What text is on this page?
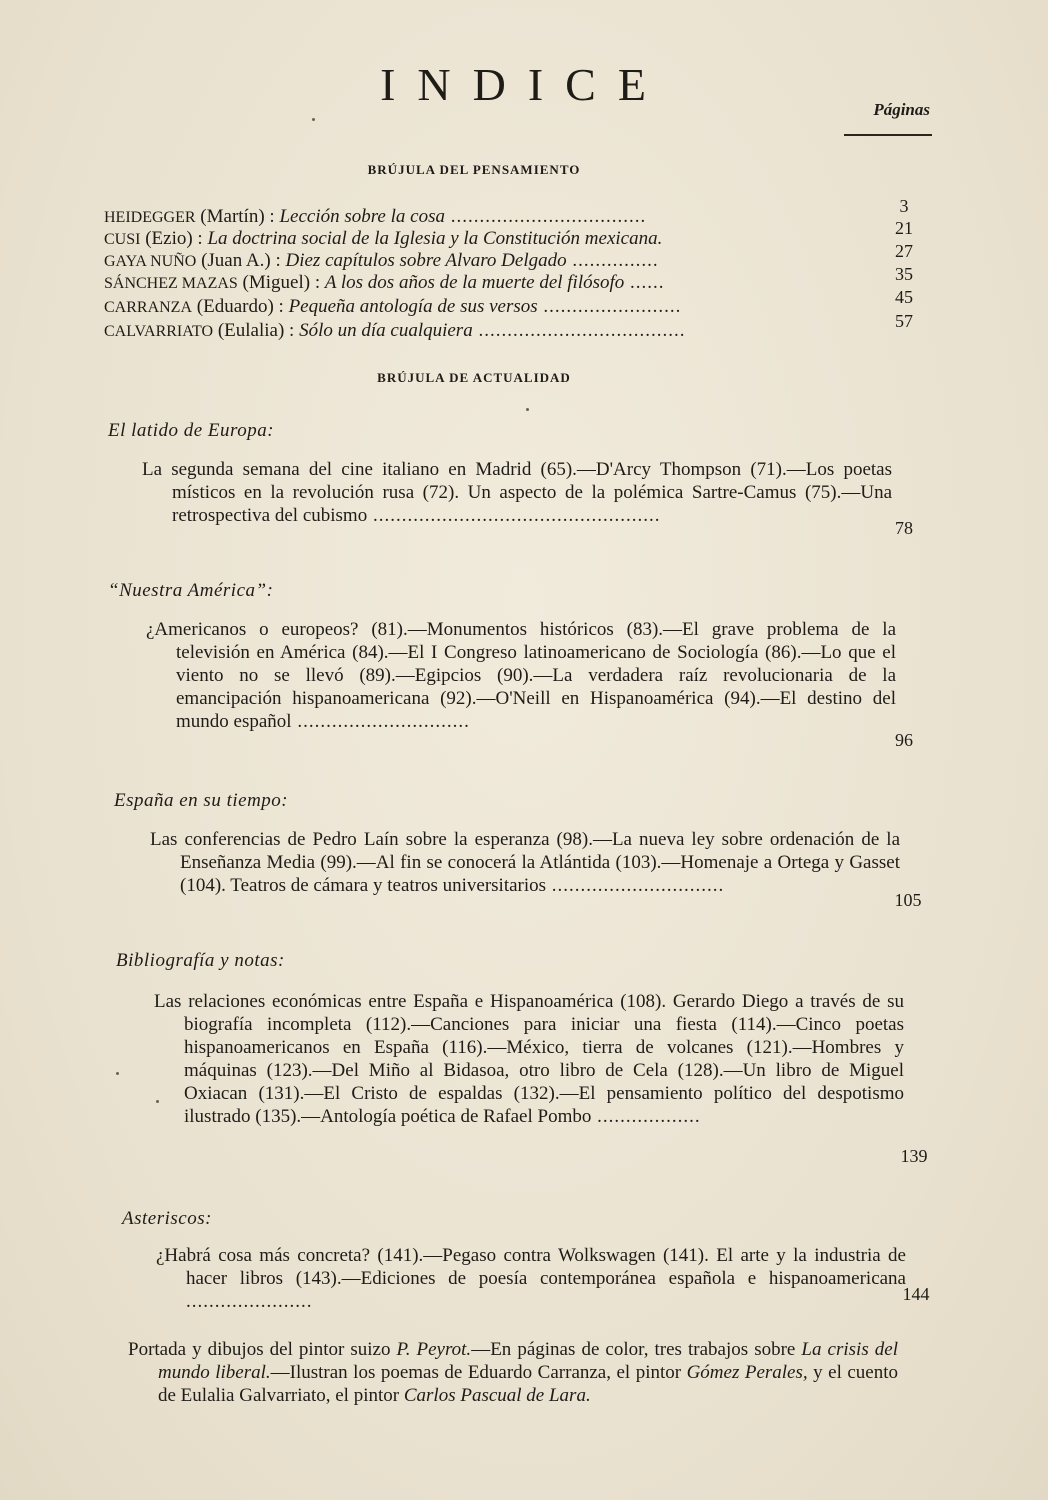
INDICE	Páginas
BRÚJULA DEL PENSAMIENTO
HEIDEGGER (Martín) : Lección sobre la cosa ..................................	3
CUSI (Ezio) : La doctrina social de la Iglesia y la Constitución mexicana.	21
GAYA NUÑO (Juan A.) : Diez capítulos sobre Alvaro Delgado ...............	27
SÁNCHEZ MAZAS (Miguel) : A los dos años de la muerte del filósofo ......	35
CARRANZA (Eduardo) : Pequeña antología de sus versos ........................	45
CALVARRIATO (Eulalia) : Sólo un día cualquiera ....................................	57
BRÚJULA DE ACTUALIDAD
El latido de Europa:

La segunda semana del cine italiano en Madrid (65).—D'Arcy Thompson (71).—Los poetas místicos en la revolución rusa (72). Un aspecto de la polémica Sartre-Camus (75).—Una retrospectiva del cubismo ..................................................

78
“Nuestra América”:

¿Americanos o europeos? (81).—Monumentos históricos (83).—El grave problema de la televisión en América (84).—El I Congreso latinoamericano de Sociología (86).—Lo que el viento no se llevó (89).—Egipcios (90).—La verdadera raíz revolucionaria de la emancipación hispanoamericana (92).—O'Neill en Hispanoamérica (94).—El destino del mundo español ..............................

96
España en su tiempo:

Las conferencias de Pedro Laín sobre la esperanza (98).—La nueva ley sobre ordenación de la Enseñanza Media (99).—Al fin se conocerá la Atlántida (103).—Homenaje a Ortega y Gasset (104). Teatros de cámara y teatros universitarios ..............................

105
Bibliografía y notas:

Las relaciones económicas entre España e Hispanoamérica (108). Gerardo Diego a través de su biografía incompleta (112).—Canciones para iniciar una fiesta (114).—Cinco poetas hispanoamericanos en España (116).—México, tierra de volcanes (121).—Hombres y máquinas (123).—Del Miño al Bidasoa, otro libro de Cela (128).—Un libro de Miguel Oxiacan (131).—El Cristo de espaldas (132).—El pensamiento político del despotismo ilustrado (135).—Antología poética de Rafael Pombo ..................

139
Asteriscos:

¿Habrá cosa más concreta? (141).—Pegaso contra Wolkswagen (141). El arte y la industria de hacer libros (143).—Ediciones de poesía contemporánea española e hispanoamericana ......................	144

Portada y dibujos del pintor suizo P. Peyrot.—En páginas de color, tres trabajos sobre La crisis del mundo liberal.—Ilustran los poemas de Eduardo Carranza, el pintor Gómez Perales, y el cuento de Eulalia Galvarriato, el pintor Carlos Pascual de Lara.
